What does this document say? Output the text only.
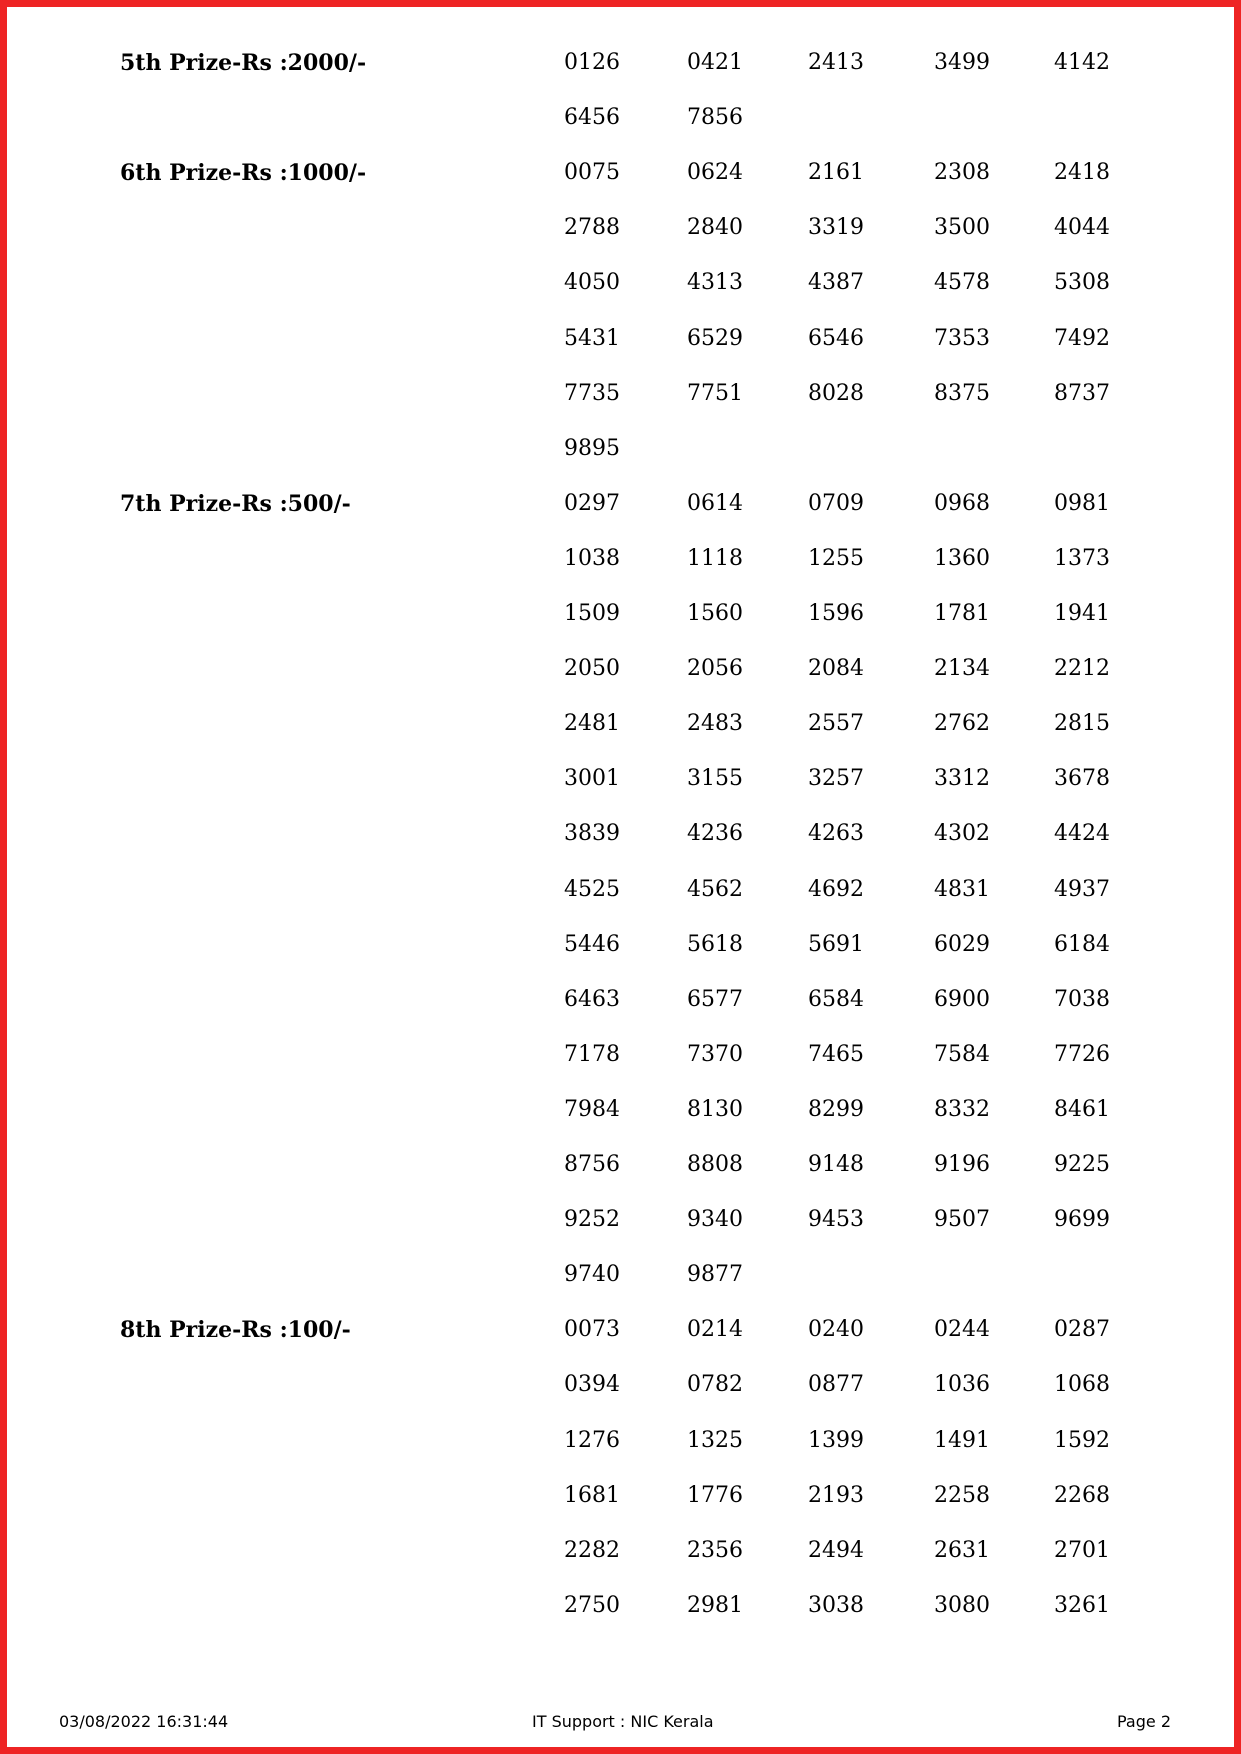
03/08/2022 16:31:44	IT Support : NIC Kerala	Page 2
5th Prize-Rs :2000/-	0126	0421	2413	3499	4142
6456	7856
6th Prize-Rs :1000/-	0075	0624	2161	2308	2418
2788	2840	3319	3500	4044
4050	4313	4387	4578	5308
5431	6529	6546	7353	7492
7735	7751	8028	8375	8737
9895
7th Prize-Rs :500/-	0297	0614	0709	0968	0981
1038	1118	1255	1360	1373
1509	1560	1596	1781	1941
2050	2056	2084	2134	2212
2481	2483	2557	2762	2815
3001	3155	3257	3312	3678
3839	4236	4263	4302	4424
4525	4562	4692	4831	4937
5446	5618	5691	6029	6184
6463	6577	6584	6900	7038
7178	7370	7465	7584	7726
7984	8130	8299	8332	8461
8756	8808	9148	9196	9225
9252	9340	9453	9507	9699
9740	9877
8th Prize-Rs :100/-	0073	0214	0240	0244	0287
0394	0782	0877	1036	1068
1276	1325	1399	1491	1592
1681	1776	2193	2258	2268
2282	2356	2494	2631	2701
2750	2981	3038	3080	3261
